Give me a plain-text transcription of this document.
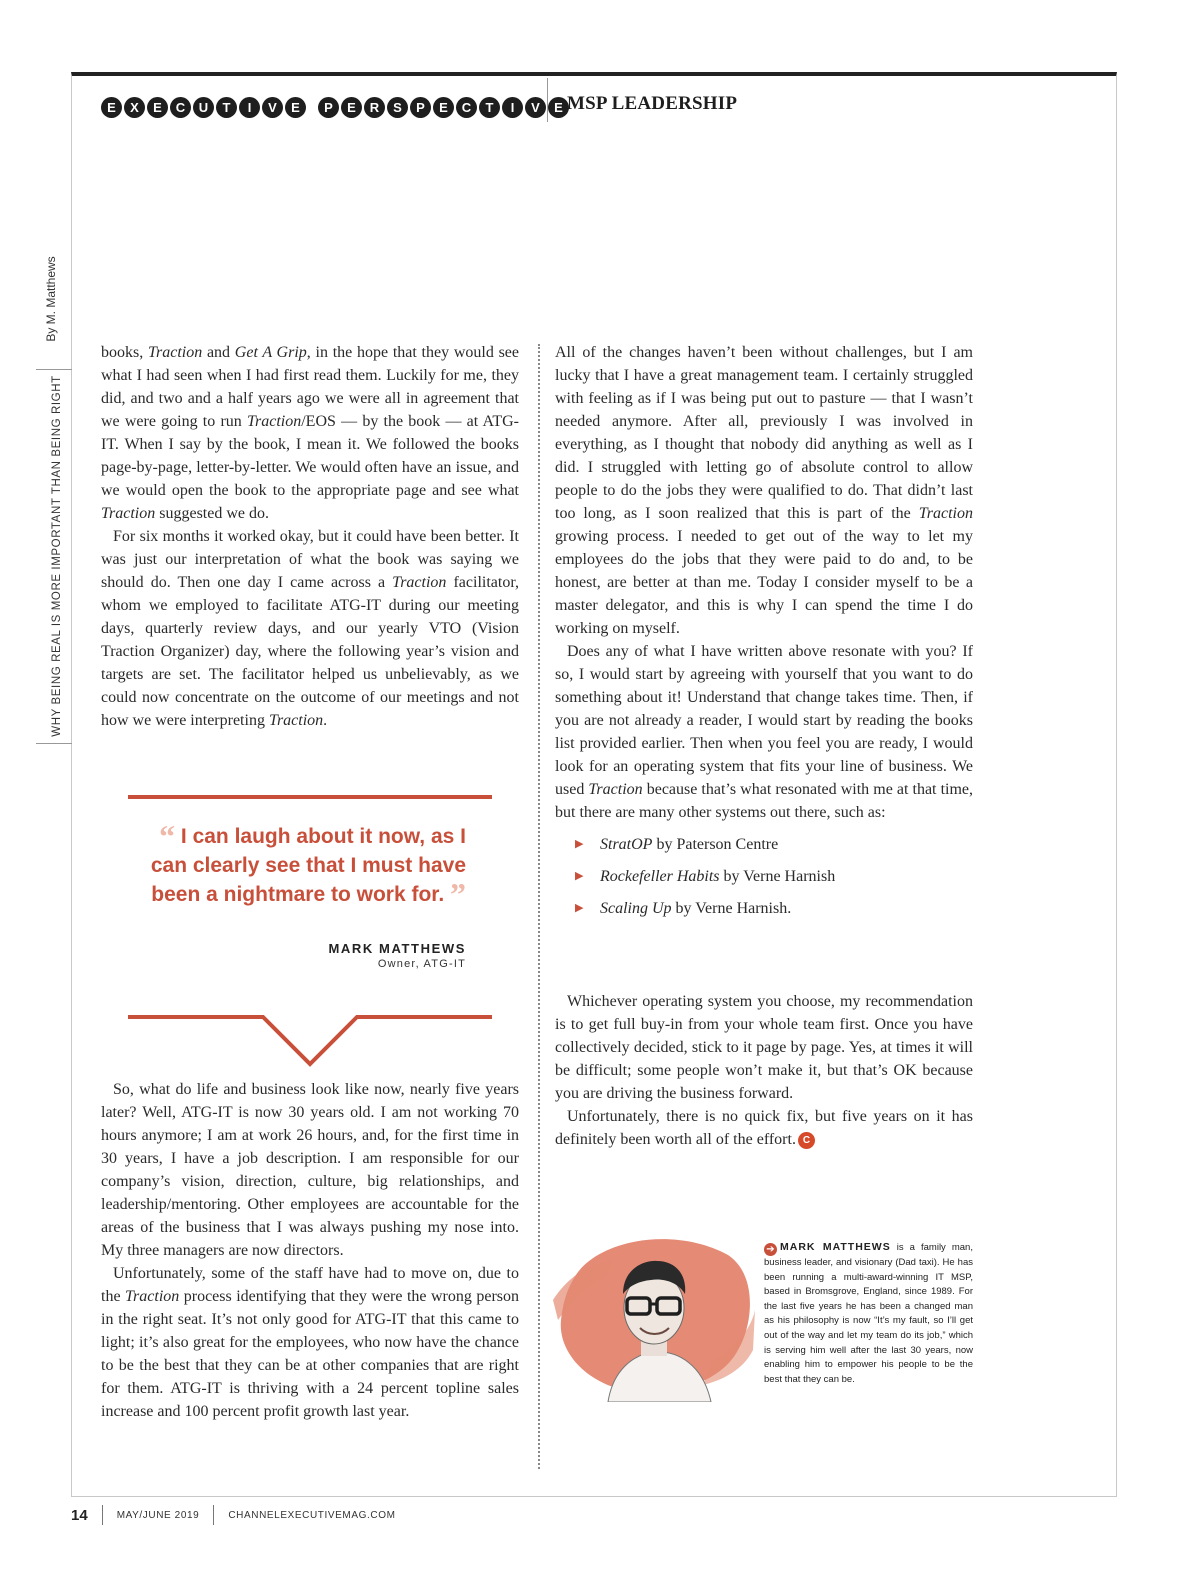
E	X	E	C	U	T	I	V	E	P	E	R	S	P	E	C	T	I	V	E MSP LEADERSHIP
WHY BEING REAL IS MORE IMPORTANT THAN BEING RIGHT
By M. Matthews

books, Traction and Get A Grip, in the hope that they would see what I had seen when I had first read them. Luckily for me, they did, and two and a half years ago we were all in agreement that we were going to run Traction/EOS — by the book — at ATG-IT. When I say by the book, I mean it. We followed the books page-by-page, letter-by-letter. We would often have an issue, and we would open the book to the appropriate page and see what Traction suggested we do.

For six months it worked okay, but it could have been better. It was just our interpretation of what the book was saying we should do. Then one day I came across a Traction facilitator, whom we employed to facilitate ATG-IT during our meeting days, quarterly review days, and our yearly VTO (Vision Traction Organizer) day, where the following year’s vision and targets are set. The facilitator helped us unbelievably, as we could now concentrate on the outcome of our meetings and not how we were interpreting Traction.

“ I can laugh about it now, as I can clearly see that I must have been a nightmare to work for. ”
MARK MATTHEWS
Owner, ATG-IT

So, what do life and business look like now, nearly five years later? Well, ATG-IT is now 30 years old. I am not working 70 hours anymore; I am at work 26 hours, and, for the first time in 30 years, I have a job description. I am responsible for our company’s vision, direction, culture, big relationships, and leadership/mentoring. Other employees are accountable for the areas of the business that I was always pushing my nose into. My three managers are now directors.

Unfortunately, some of the staff have had to move on, due to the Traction process identifying that they were the wrong person in the right seat. It’s not only good for ATG-IT that this came to light; it’s also great for the employees, who now have the chance to be the best that they can be at other companies that are right for them. ATG-IT is thriving with a 24 percent topline sales increase and 100 percent profit growth last year.

All of the changes haven’t been without challenges, but I am lucky that I have a great management team. I certainly struggled with feeling as if I was being put out to pasture — that I wasn’t needed anymore. After all, previously I was involved in everything, as I thought that nobody did anything as well as I did. I struggled with letting go of absolute control to allow people to do the jobs they were qualified to do. That didn’t last too long, as I soon realized that this is part of the Traction growing process. I needed to get out of the way to let my employees do the jobs that they were paid to do and, to be honest, are better at than me. Today I consider myself to be a master delegator, and this is why I can spend the time I do working on myself.

Does any of what I have written above resonate with you? If so, I would start by agreeing with yourself that you want to do something about it! Understand that change takes time. Then, if you are not already a reader, I would start by reading the books list provided earlier. Then when you feel you are ready, I would look for an operating system that fits your line of business. We used Traction because that’s what resonated with me at that time, but there are many other systems out there, such as:

▶ StratOP by Paterson Centre
▶ Rockefeller Habits by Verne Harnish
▶ Scaling Up by Verne Harnish.

Whichever operating system you choose, my recommendation is to get full buy-in from your whole team first. Once you have collectively decided, stick to it page by page. Yes, at times it will be difficult; some people won’t make it, but that’s OK because you are driving the business forward.

Unfortunately, there is no quick fix, but five years on it has definitely been worth all of the effort. C

➔ MARK MATTHEWS is a family man, business leader, and visionary (Dad taxi). He has been running a multi-award-winning IT MSP, based in Bromsgrove, England, since 1989. For the last five years he has been a changed man as his philosophy is now “It’s my fault, so I’ll get out of the way and let my team do its job,” which is serving him well after the last 30 years, now enabling him to empower his people to be the best that they can be.
14	MAY/JUNE 2019	CHANNELEXECUTIVEMAG.COM
